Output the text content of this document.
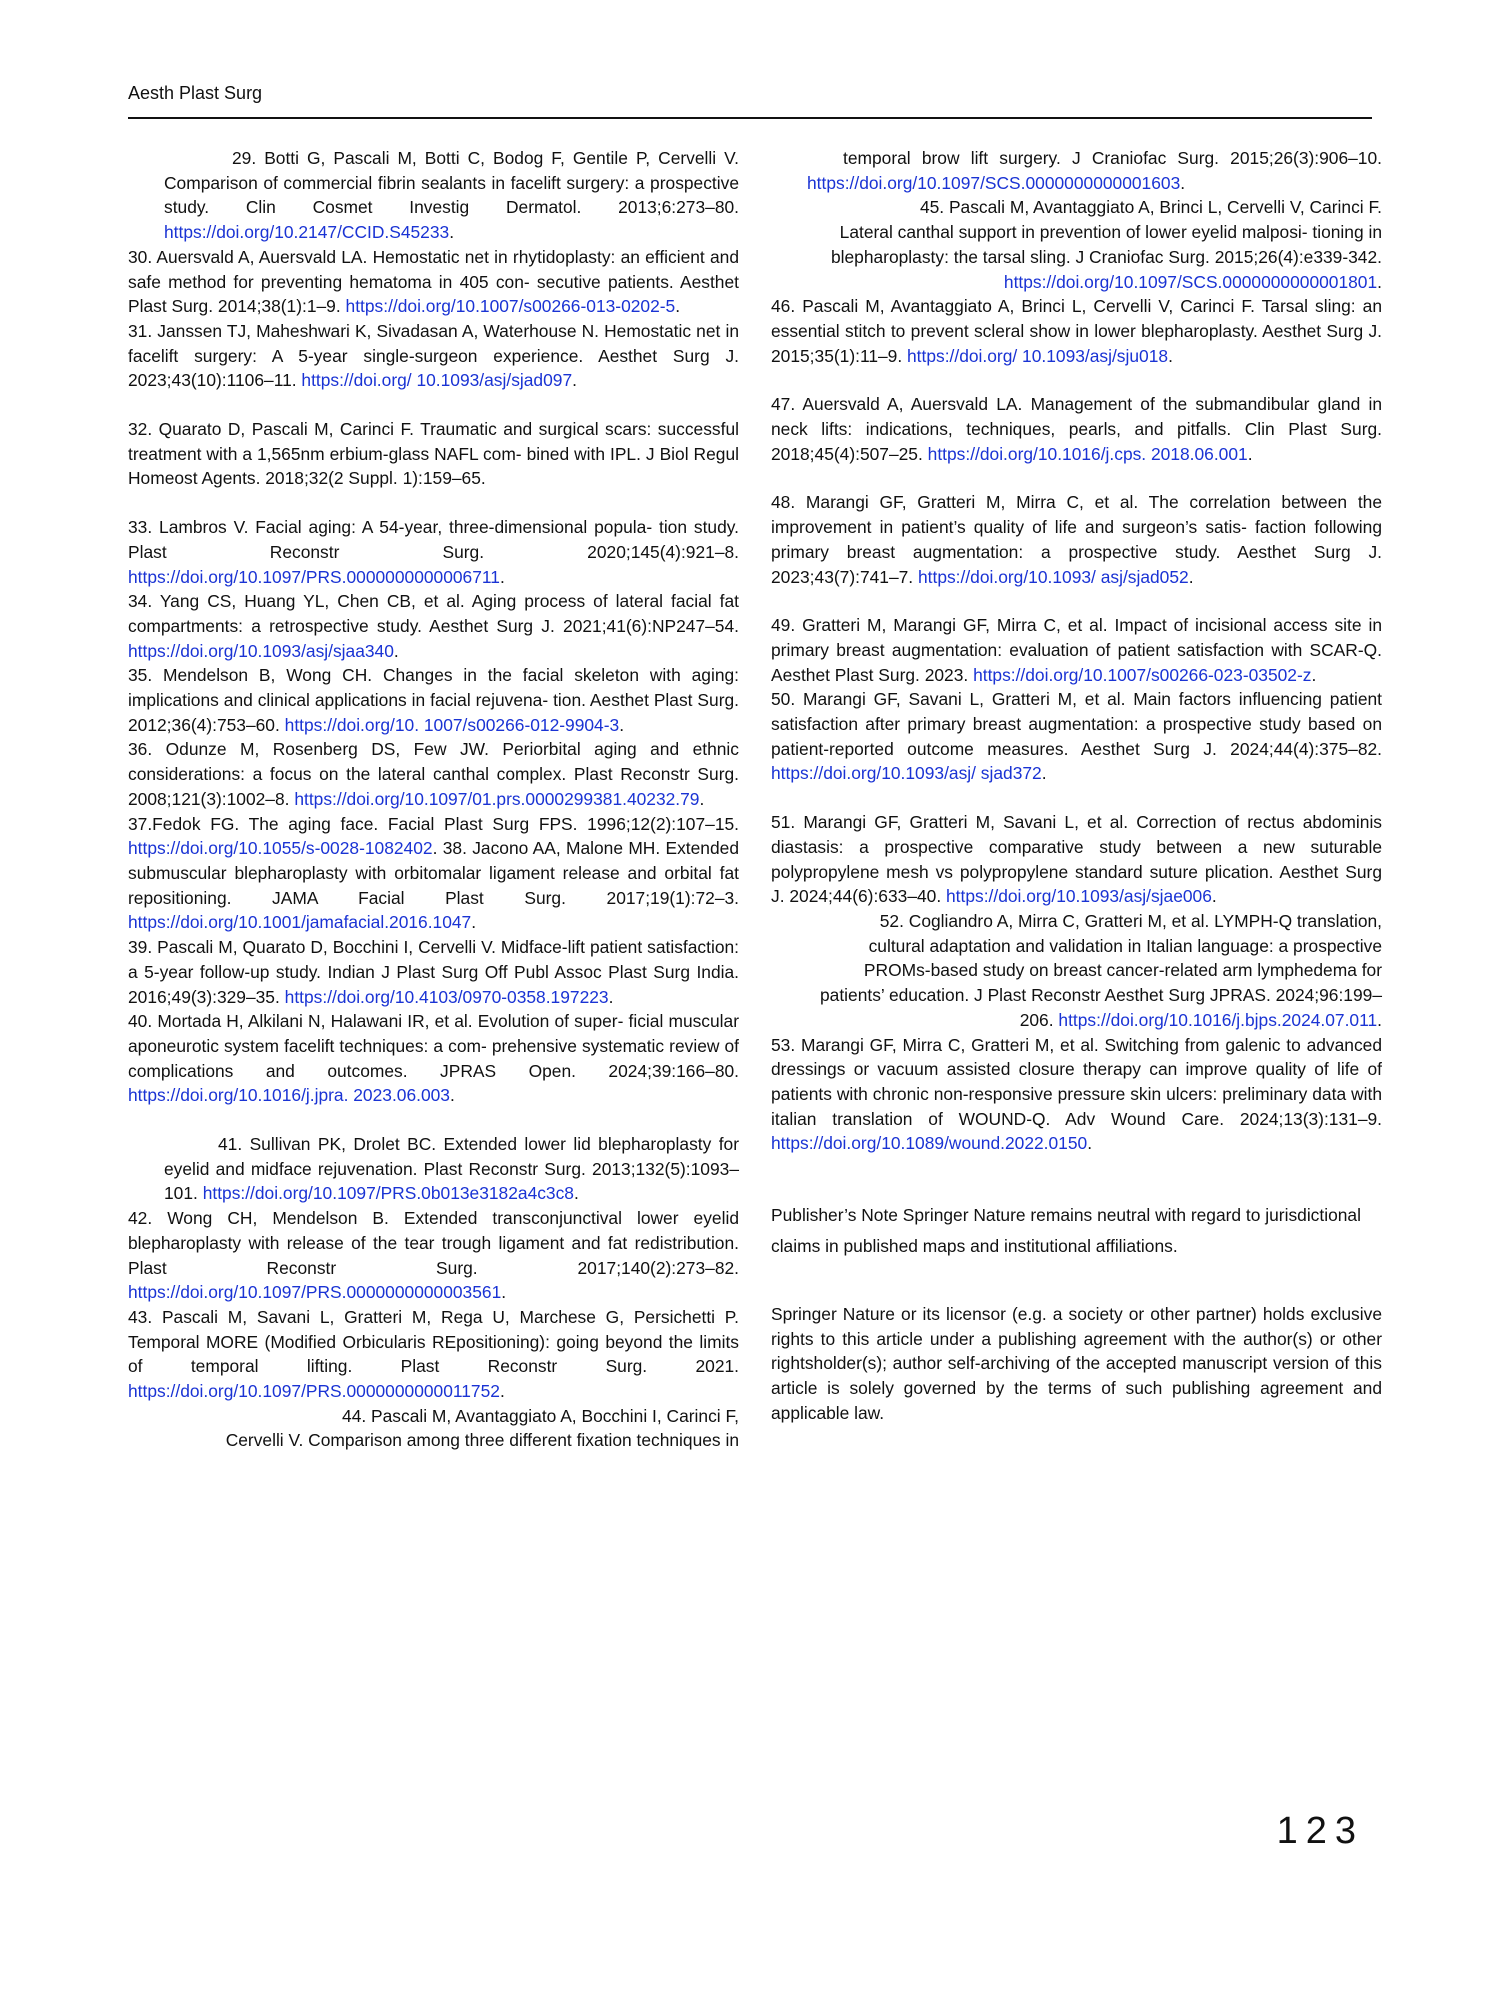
Aesth Plast Surg

29. Botti G, Pascali M, Botti C, Bodog F, Gentile P, Cervelli V. Comparison of commercial fibrin sealants in facelift surgery: a prospective study. Clin Cosmet Investig Dermatol. 2013;6:273–80. https://doi.org/10.2147/CCID.S45233.

30. Auersvald A, Auersvald LA. Hemostatic net in rhytidoplasty: an efficient and safe method for preventing hematoma in 405 con- secutive patients. Aesthet Plast Surg. 2014;38(1):1–9. https://doi.org/10.1007/s00266-013-0202-5.

31. Janssen TJ, Maheshwari K, Sivadasan A, Waterhouse N. Hemostatic net in facelift surgery: A 5-year single-surgeon experience. Aesthet Surg J. 2023;43(10):1106–11. https://doi.org/ 10.1093/asj/sjad097.

32. Quarato D, Pascali M, Carinci F. Traumatic and surgical scars: successful treatment with a 1,565nm erbium-glass NAFL com- bined with IPL. J Biol Regul Homeost Agents. 2018;32(2 Suppl. 1):159–65.

33. Lambros V. Facial aging: A 54-year, three-dimensional popula- tion study. Plast Reconstr Surg. 2020;145(4):921–8. https://doi.org/10.1097/PRS.0000000000006711.

34. Yang CS, Huang YL, Chen CB, et al. Aging process of lateral facial fat compartments: a retrospective study. Aesthet Surg J. 2021;41(6):NP247–54. https://doi.org/10.1093/asj/sjaa340.

35. Mendelson B, Wong CH. Changes in the facial skeleton with aging: implications and clinical applications in facial rejuvena- tion. Aesthet Plast Surg. 2012;36(4):753–60. https://doi.org/10. 1007/s00266-012-9904-3.

36. Odunze M, Rosenberg DS, Few JW. Periorbital aging and ethnic considerations: a focus on the lateral canthal complex. Plast Reconstr Surg. 2008;121(3):1002–8. https://doi.org/10.1097/01.prs.0000299381.40232.79.

37.Fedok FG. The aging face. Facial Plast Surg FPS. 1996;12(2):107–15. https://doi.org/10.1055/s-0028-1082402. 38. Jacono AA, Malone MH. Extended submuscular blepharoplasty with orbitomalar ligament release and orbital fat repositioning. JAMA Facial Plast Surg. 2017;19(1):72–3. https://doi.org/10.1001/jamafacial.2016.1047.

39. Pascali M, Quarato D, Bocchini I, Cervelli V. Midface-lift patient satisfaction: a 5-year follow-up study. Indian J Plast Surg Off Publ Assoc Plast Surg India. 2016;49(3):329–35. https://doi.org/10.4103/0970-0358.197223.

40. Mortada H, Alkilani N, Halawani IR, et al. Evolution of super- ficial muscular aponeurotic system facelift techniques: a com- prehensive systematic review of complications and outcomes. JPRAS Open. 2024;39:166–80. https://doi.org/10.1016/j.jpra. 2023.06.003.

41. Sullivan PK, Drolet BC. Extended lower lid blepharoplasty for eyelid and midface rejuvenation. Plast Reconstr Surg. 2013;132(5):1093–101. https://doi.org/10.1097/PRS.0b013e3182a4c3c8.

42. Wong CH, Mendelson B. Extended transconjunctival lower eyelid blepharoplasty with release of the tear trough ligament and fat redistribution. Plast Reconstr Surg. 2017;140(2):273–82. https://doi.org/10.1097/PRS.0000000000003561.

43. Pascali M, Savani L, Gratteri M, Rega U, Marchese G, Persichetti P. Temporal MORE (Modified Orbicularis REpositioning): going beyond the limits of temporal lifting. Plast Reconstr Surg. 2021. https://doi.org/10.1097/PRS.0000000000011752.

44. Pascali M, Avantaggiato A, Bocchini I, Carinci F, Cervelli V. Comparison among three different fixation techniques in

temporal brow lift surgery. J Craniofac Surg. 2015;26(3):906–10. https://doi.org/10.1097/SCS.0000000000001603.

45. Pascali M, Avantaggiato A, Brinci L, Cervelli V, Carinci F. Lateral canthal support in prevention of lower eyelid malposi- tioning in blepharoplasty: the tarsal sling. J Craniofac Surg. 2015;26(4):e339-342. https://doi.org/10.1097/SCS.0000000000001801.

46. Pascali M, Avantaggiato A, Brinci L, Cervelli V, Carinci F. Tarsal sling: an essential stitch to prevent scleral show in lower blepharoplasty. Aesthet Surg J. 2015;35(1):11–9. https://doi.org/ 10.1093/asj/sju018.

47. Auersvald A, Auersvald LA. Management of the submandibular gland in neck lifts: indications, techniques, pearls, and pitfalls. Clin Plast Surg. 2018;45(4):507–25. https://doi.org/10.1016/j.cps. 2018.06.001.

48. Marangi GF, Gratteri M, Mirra C, et al. The correlation between the improvement in patient’s quality of life and surgeon’s satis- faction following primary breast augmentation: a prospective study. Aesthet Surg J. 2023;43(7):741–7. https://doi.org/10.1093/ asj/sjad052.

49. Gratteri M, Marangi GF, Mirra C, et al. Impact of incisional access site in primary breast augmentation: evaluation of patient satisfaction with SCAR-Q. Aesthet Plast Surg. 2023. https://doi.org/10.1007/s00266-023-03502-z.

50. Marangi GF, Savani L, Gratteri M, et al. Main factors influencing patient satisfaction after primary breast augmentation: a prospective study based on patient-reported outcome measures. Aesthet Surg J. 2024;44(4):375–82. https://doi.org/10.1093/asj/ sjad372.

51. Marangi GF, Gratteri M, Savani L, et al. Correction of rectus abdominis diastasis: a prospective comparative study between a new suturable polypropylene mesh vs polypropylene standard suture plication. Aesthet Surg J. 2024;44(6):633–40. https://doi.org/10.1093/asj/sjae006.

52. Cogliandro A, Mirra C, Gratteri M, et al. LYMPH-Q translation, cultural adaptation and validation in Italian language: a prospective PROMs-based study on breast cancer-related arm lymphedema for patients’ education. J Plast Reconstr Aesthet Surg JPRAS. 2024;96:199–206. https://doi.org/10.1016/j.bjps.2024.07.011.

53. Marangi GF, Mirra C, Gratteri M, et al. Switching from galenic to advanced dressings or vacuum assisted closure therapy can improve quality of life of patients with chronic non-responsive pressure skin ulcers: preliminary data with italian translation of WOUND-Q. Adv Wound Care. 2024;13(3):131–9. https://doi.org/10.1089/wound.2022.0150.

Publisher’s Note Springer Nature remains neutral with regard to jurisdictional claims in published maps and institutional affiliations.

Springer Nature or its licensor (e.g. a society or other partner) holds exclusive rights to this article under a publishing agreement with the author(s) or other rightsholder(s); author self-archiving of the accepted manuscript version of this article is solely governed by the terms of such publishing agreement and applicable law.

123
